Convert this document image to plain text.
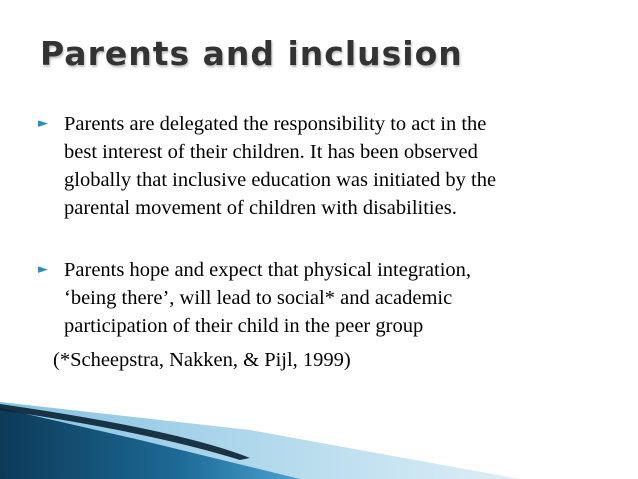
Parents and inclusion
► Parents are delegated the responsibility to act in the
best interest of their children. It has been observed
globally that inclusive education was initiated by the
parental movement of children with disabilities.
► Parents hope and expect that physical integration,
‘being there’, will lead to social* and academic
participation of their child in the peer group
(*Scheepstra, Nakken, & Pijl, 1999)
